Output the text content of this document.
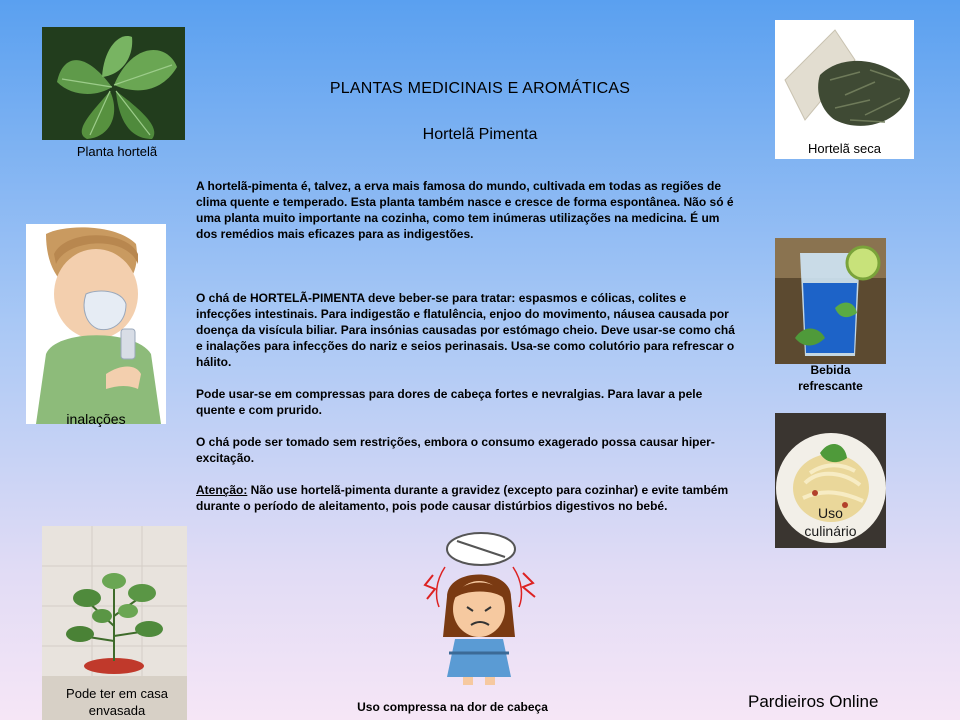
PLANTAS MEDICINAIS E AROMÁTICAS
Hortelã Pimenta

A hortelã-pimenta é, talvez, a erva mais famosa do mundo, cultivada em todas as regiões de clima quente e temperado. Esta planta também nasce e cresce de forma espontânea. Não só é uma planta muito importante na cozinha, como tem inúmeras utilizações na medicina. É um dos remédios mais eficazes para as indigestões.

O chá de HORTELÃ-PIMENTA deve beber-se para tratar: espasmos e cólicas, colites e infecções intestinais. Para indigestão e flatulência, enjoo do movimento, náusea causada por doença da visícula biliar. Para insónias causadas por estómago cheio. Deve usar-se como chá e inalações para infecções do nariz e seios perinasais. Usa-se como colutório para refrescar o hálito.

Pode usar-se em compressas para dores de cabeça fortes e nevralgias. Para lavar a pele quente e com prurido.

O chá pode ser tomado sem restrições, embora o consumo exagerado possa causar hiper-excitação.

Atenção: Não use hortelã-pimenta durante a gravidez (excepto para cozinhar) e evite também durante o período de aleitamento, pois pode causar distúrbios digestivos no bebé.

Planta hortelã	Hortelã seca
inalações
Bebida
refrescante
Uso
culinário
Pode ter em casa
envasada	Uso compressa na dor de cabeça	Pardieiros Online
